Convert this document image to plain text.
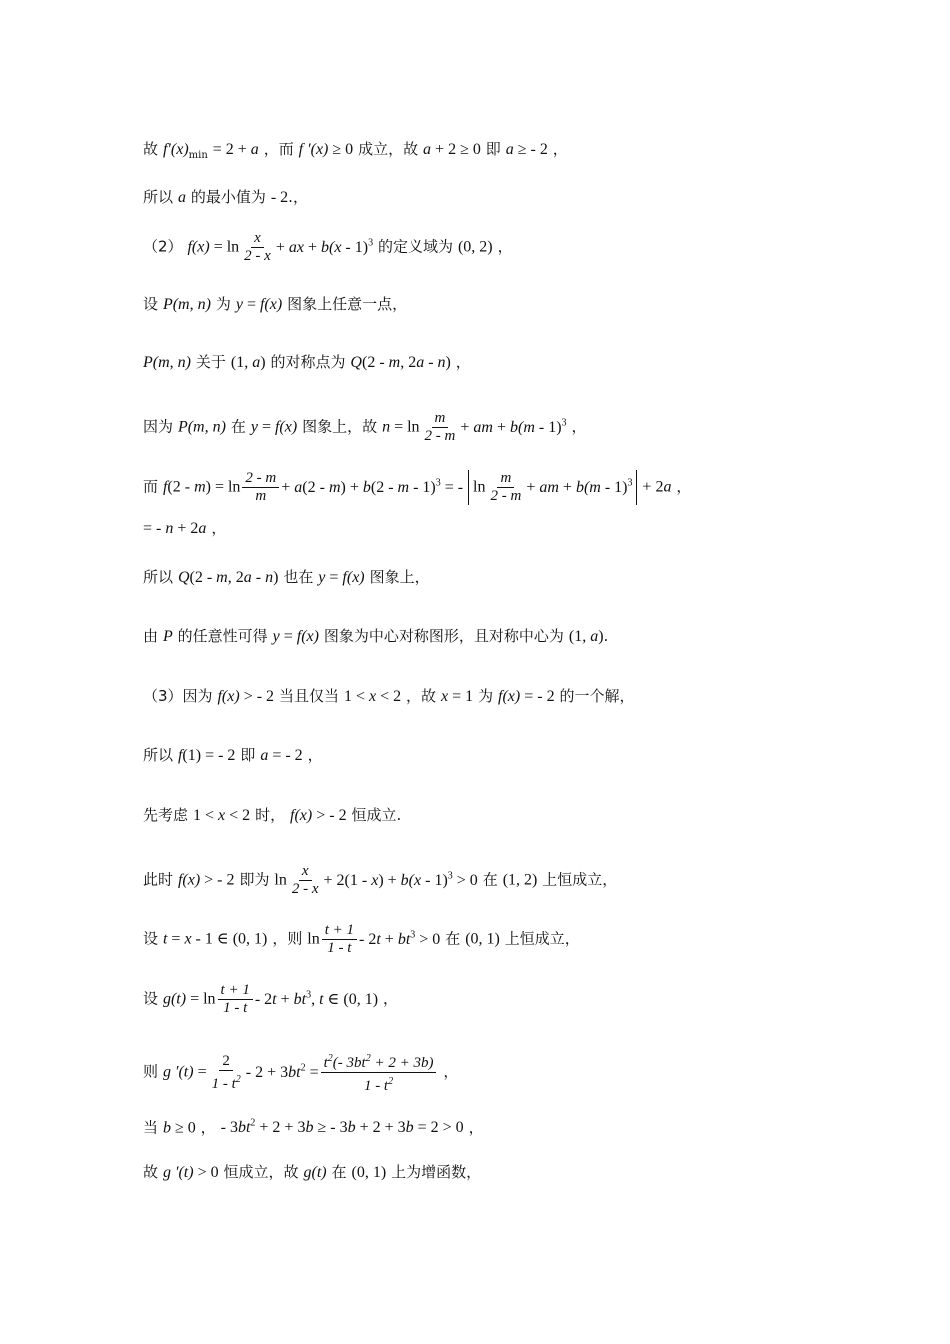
故 $f'(x)_{min} = 2 + a$ ，而 f ′(x) ≥ 0 成立，故 a + 2 ≥ 0 即 a ≥ - 2 ，
所以 a 的最小值为 - 2.，
（2） $f(x) = \ln \frac{x}{2 - x}$ + ax + b(x - 1)$^3$ 的定义域为 (0, 2) ，
设 P(m, n) 为 y = f(x) 图象上任意一点，
P(m, n) 关于 (1, a) 的对称点为 Q(2 - m, 2a - n) ，
因为 P(m, n) 在 y = f(x) 图象上，故 $n = \ln \frac{m}{2 - m}$ + am + b(m - 1)$^3$ ，
而 $f(2 - m) = \ln \frac{2 - m}{m} + a(2 - m) + b(2 - m - 1)^3$ = - $\ln \frac{m}{2 - m}$ + am + b(m - 1)$^3$ + 2a ，
= - n + 2a ，
所以 Q(2 - m, 2a - n) 也在 y = f(x) 图象上，
由 P 的任意性可得 y = f(x) 图象为中心对称图形，且对称中心为 (1, a).
（3）因为 f(x) > - 2 当且仅当 1 < x < 2 ，故 x = 1 为 f(x) = - 2 的一个解，
所以 f(1) = - 2 即 a = - 2 ，
先考虑 1 < x < 2 时， f(x) > - 2 恒成立.
此时 f(x) > - 2 即为 $\ln \frac{x}{2 - x} + 2(1 - x) + b(x - 1)^3 > 0$ 在 (1, 2) 上恒成立，
设 t = x - 1 ∈ (0, 1) ，则 $\ln \frac{t + 1}{1 - t} - 2t + bt^3 > 0$ 在 (0, 1) 上恒成立，
设 $g(t) = \ln \frac{t + 1}{1 - t} - 2t + bt^3$, t ∈ (0, 1) ，
则 g $'(t) = \frac{2}{1 - t^2} - 2 + 3bt^2 = \frac{t^2(- 3bt^2 + 2 + 3b)}{1 - t^2}$ ，
当 b ≥ 0 ， - $3bt^2 + 2 + 3b$ ≥ - 3b + 2 + 3b = 2 > 0 ，
故 g ′(t) > 0 恒成立，故 g(t) 在 (0, 1) 上为增函数，
